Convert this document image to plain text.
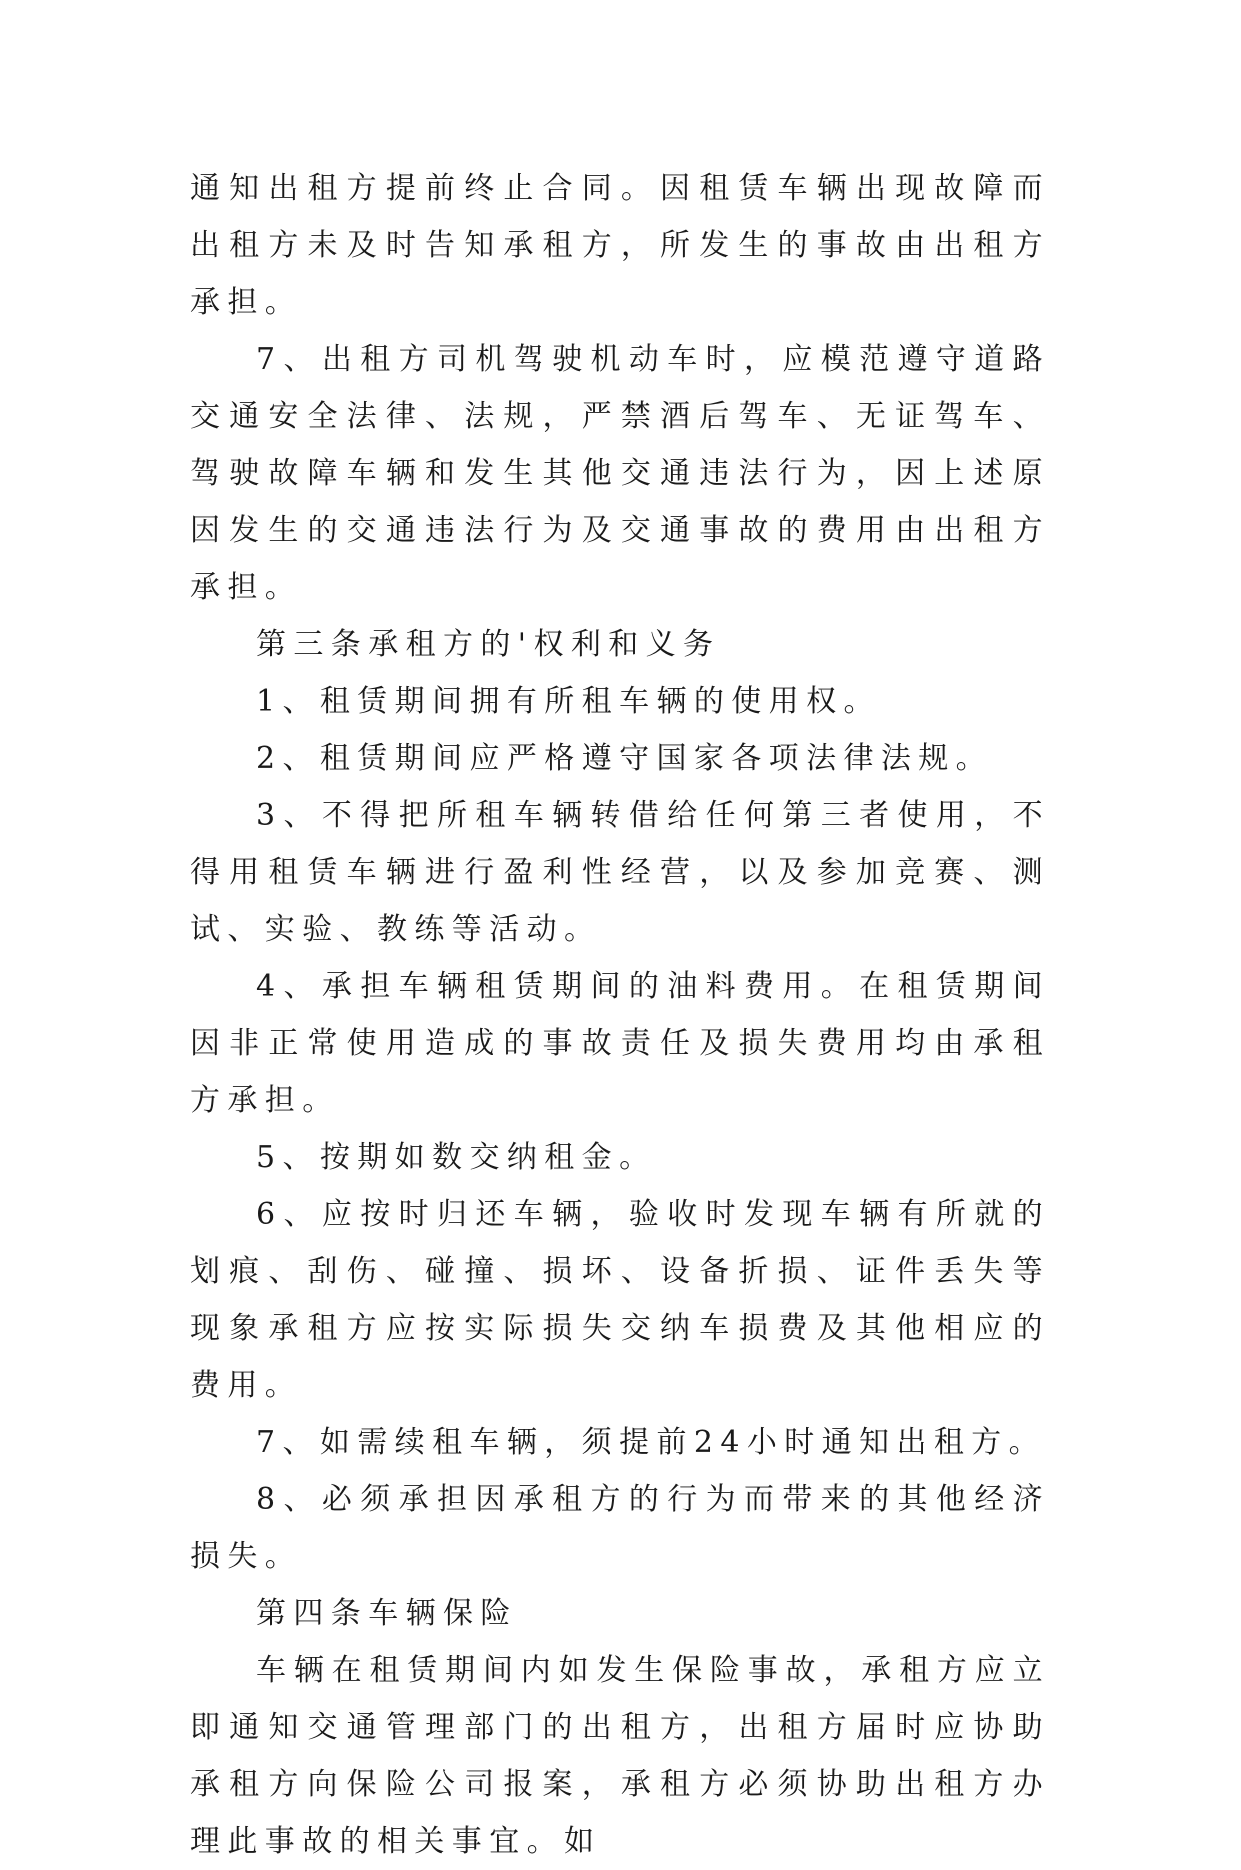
通知出租方提前终止合同。因租赁车辆出现故障而出租方未及时告知承租方，所发生的事故由出租方承担。

7、出租方司机驾驶机动车时，应模范遵守道路交通安全法律、法规，严禁酒后驾车、无证驾车、驾驶故障车辆和发生其他交通违法行为，因上述原因发生的交通违法行为及交通事故的费用由出租方承担。

第三条承租方的'权利和义务

1、租赁期间拥有所租车辆的使用权。

2、租赁期间应严格遵守国家各项法律法规。

3、不得把所租车辆转借给任何第三者使用，不得用租赁车辆进行盈利性经营，以及参加竞赛、测试、实验、教练等活动。

4、承担车辆租赁期间的油料费用。在租赁期间因非正常使用造成的事故责任及损失费用均由承租方承担。

5、按期如数交纳租金。

6、应按时归还车辆，验收时发现车辆有所就的划痕、刮伤、碰撞、损坏、设备折损、证件丢失等现象承租方应按实际损失交纳车损费及其他相应的费用。

7、如需续租车辆，须提前24小时通知出租方。

8、必须承担因承租方的行为而带来的其他经济损失。

第四条车辆保险

车辆在租赁期间内如发生保险事故，承租方应立即通知交通管理部门的出租方，出租方届时应协助承租方向保险公司报案，承租方必须协助出租方办理此事故的相关事宜。如
